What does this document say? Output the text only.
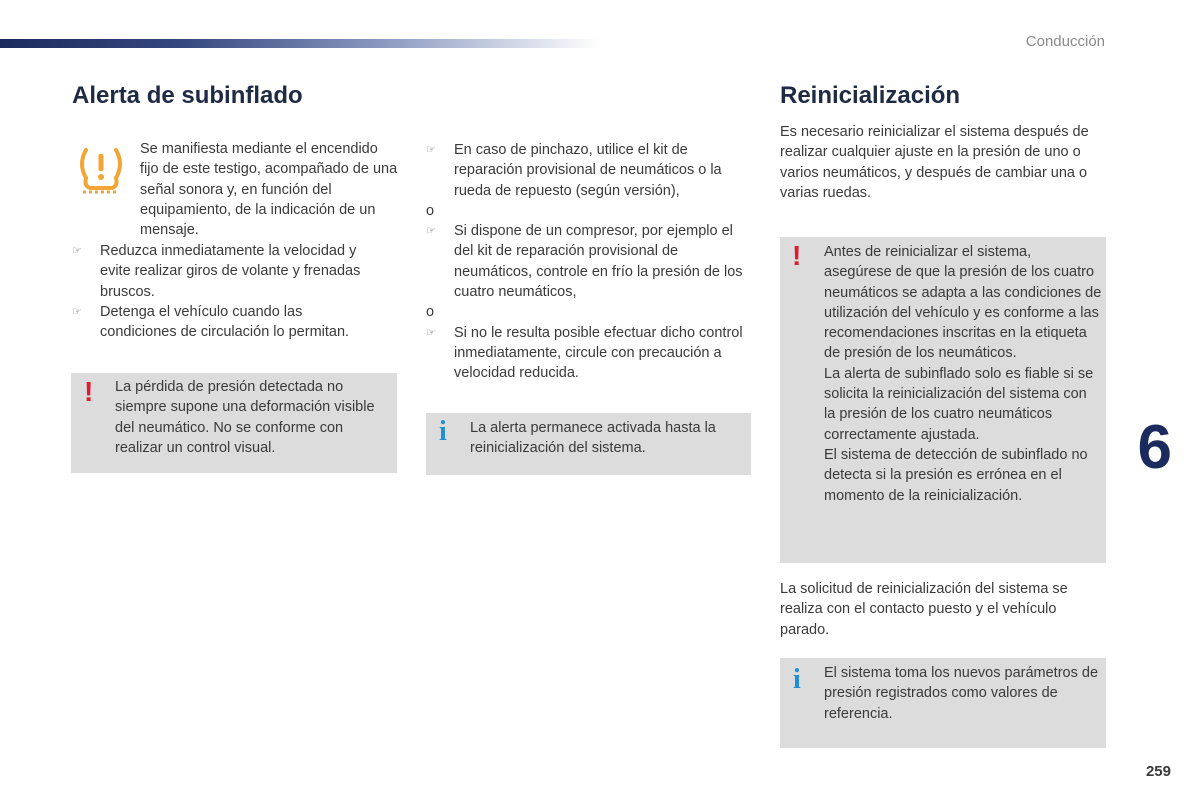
Conducción
Alerta de subinflado
Se manifiesta mediante el encendido fijo de este testigo, acompañado de una señal sonora y, en función del equipamiento, de la indicación de un mensaje.
☞	Reduzca inmediatamente la velocidad y evite realizar giros de volante y frenadas bruscos.
☞	Detenga el vehículo cuando las condiciones de circulación lo permitan.
! La pérdida de presión detectada no siempre supone una deformación visible del neumático. No se conforme con realizar un control visual.
☞	En caso de pinchazo, utilice el kit de reparación provisional de neumáticos o la rueda de repuesto (según versión),
o
☞	Si dispone de un compresor, por ejemplo el del kit de reparación provisional de neumáticos, controle en frío la presión de los cuatro neumáticos,
o
☞	Si no le resulta posible efectuar dicho control inmediatamente, circule con precaución a velocidad reducida.
i La alerta permanece activada hasta la reinicialización del sistema.
Reinicialización
Es necesario reinicializar el sistema después de realizar cualquier ajuste en la presión de uno o varios neumáticos, y después de cambiar una o varias ruedas.
! Antes de reinicializar el sistema, asegúrese de que la presión de los cuatro neumáticos se adapta a las condiciones de utilización del vehículo y es conforme a las recomendaciones inscritas en la etiqueta de presión de los neumáticos.
La alerta de subinflado solo es fiable si se solicita la reinicialización del sistema con la presión de los cuatro neumáticos correctamente ajustada.
El sistema de detección de subinflado no detecta si la presión es errónea en el momento de la reinicialización.
La solicitud de reinicialización del sistema se realiza con el contacto puesto y el vehículo parado.
i El sistema toma los nuevos parámetros de presión registrados como valores de referencia.
6
259
